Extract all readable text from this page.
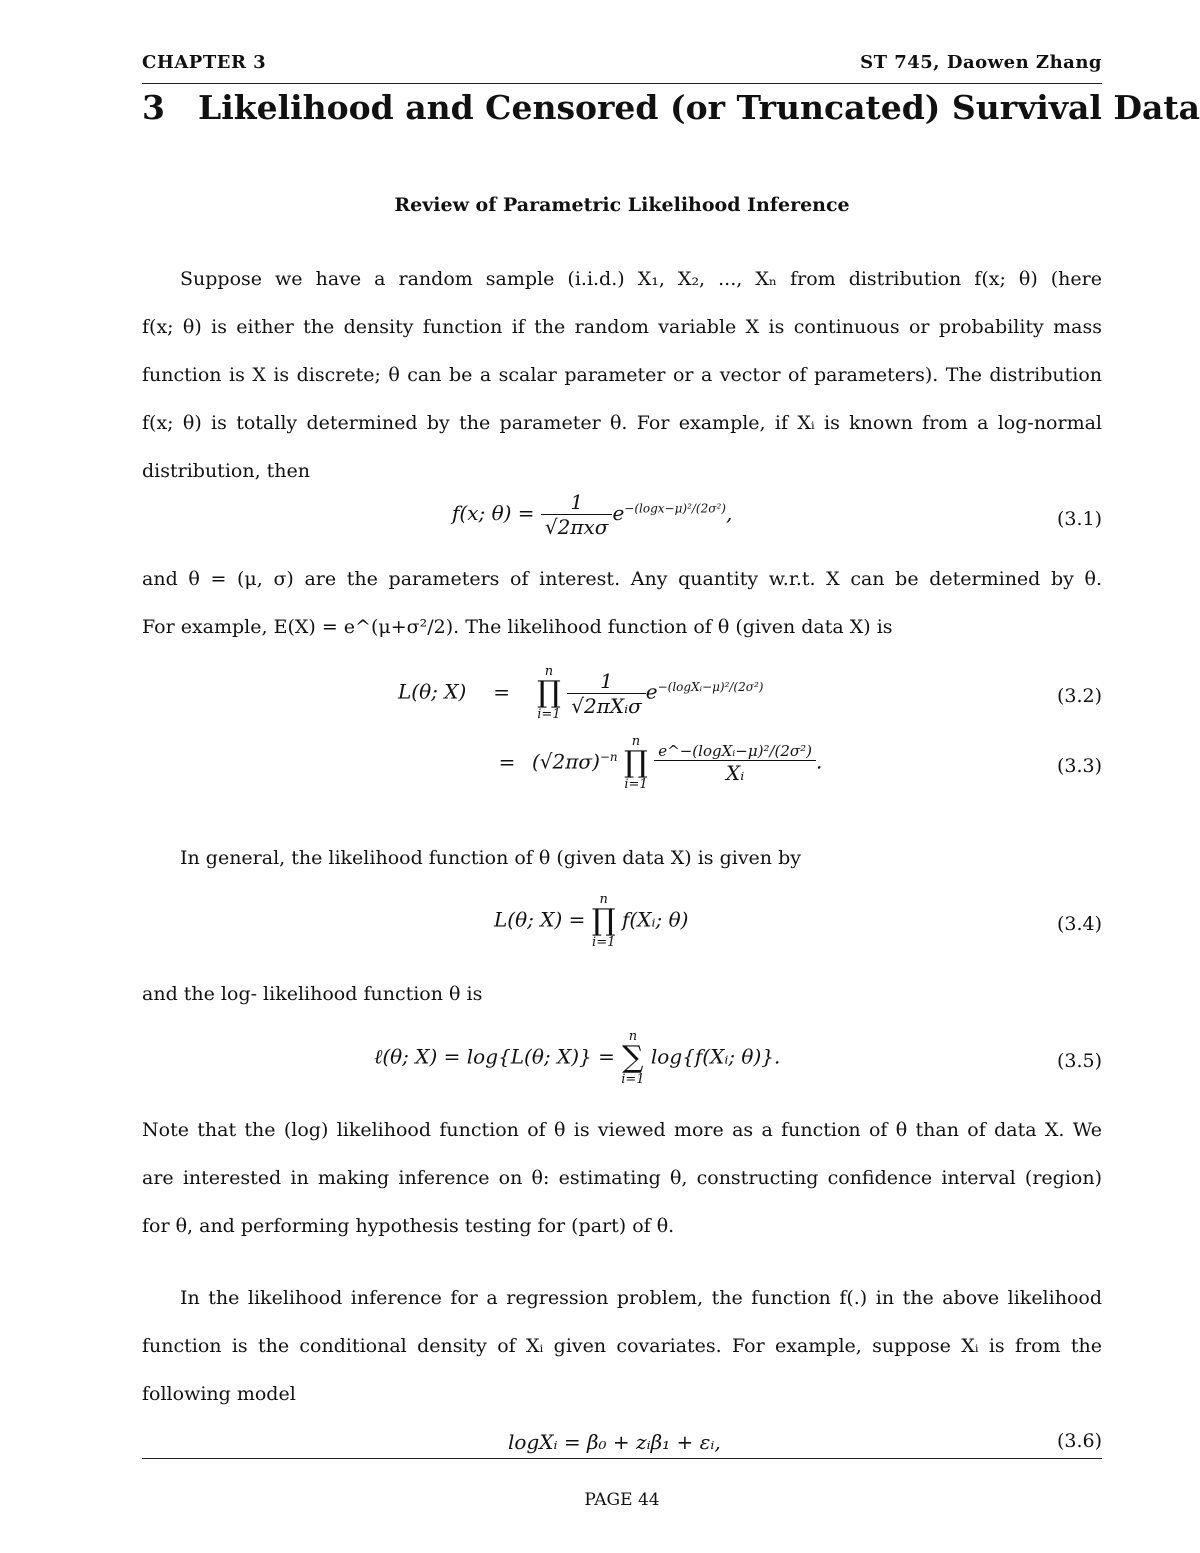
CHAPTER 3	ST 745, Daowen Zhang
3 Likelihood and Censored (or Truncated) Survival Data
Review of Parametric Likelihood Inference
Suppose we have a random sample (i.i.d.) X₁, X₂, ..., Xₙ from distribution f(x; θ) (here
f(x; θ) is either the density function if the random variable X is continuous or probability mass
function is X is discrete; θ can be a scalar parameter or a vector of parameters). The distribution
f(x; θ) is totally determined by the parameter θ. For example, if Xᵢ is known from a log-normal
distribution, then
f(x; $\theta) = \frac{1}{\text{√2πxσ}} e^{-(logx-\mu)^2/(2\sigma^2)}$,	(3.1)
and θ = (μ, σ) are the parameters of interest. Any quantity w.r.t. X can be determined by θ.
For example, E(X) = e^(μ+σ²/2). The likelihood function of θ (given data X) is
L(θ; X) =
n
∏
i=1
$\frac{1}{\text{√2πXᵢσ}} e^{-(logXᵢ-\mu)^2/(2\sigma^2)}$	(3.2)
= $(√2\pi\sigma)^{-n}$
n
∏
i=1
$\frac{\text{e\textasciicircum{}−(logXᵢ−μ)²/(2σ²)}}{\text{Xᵢ}}$ .	(3.3)
In general, the likelihood function of θ (given data X) is given by
L(θ; X) =
n
∏
i=1
f(Xᵢ; θ)	(3.4)
and the log- likelihood function θ is
ℓ(θ; X) = log{L(θ; X)} =
n
∑
i=1
log{f(Xᵢ; θ)}.	(3.5)
Note that the (log) likelihood function of θ is viewed more as a function of θ than of data X. We
are interested in making inference on θ: estimating θ, constructing confidence interval (region)
for θ, and performing hypothesis testing for (part) of θ.
In the likelihood inference for a regression problem, the function f(.) in the above likelihood
function is the conditional density of Xᵢ given covariates. For example, suppose Xᵢ is from the
following model
logXᵢ = β₀ + zᵢβ₁ + εᵢ,	(3.6)
PAGE 44
